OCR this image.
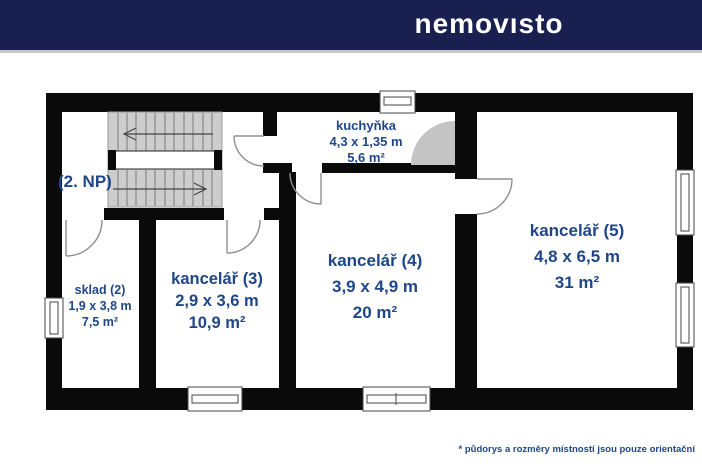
nemovısto
(2. NP)
kuchyňka
4,3 x 1,35 m
5,6 m²
sklad (2)
1,9 x 3,8 m
7,5 m²
kancelář (3)
2,9 x 3,6 m
10,9 m²
kancelář (4)
3,9 x 4,9 m
20 m²
kancelář (5)
4,8 x 6,5 m
31 m²
* půdorys a rozměry místností jsou pouze orientační
